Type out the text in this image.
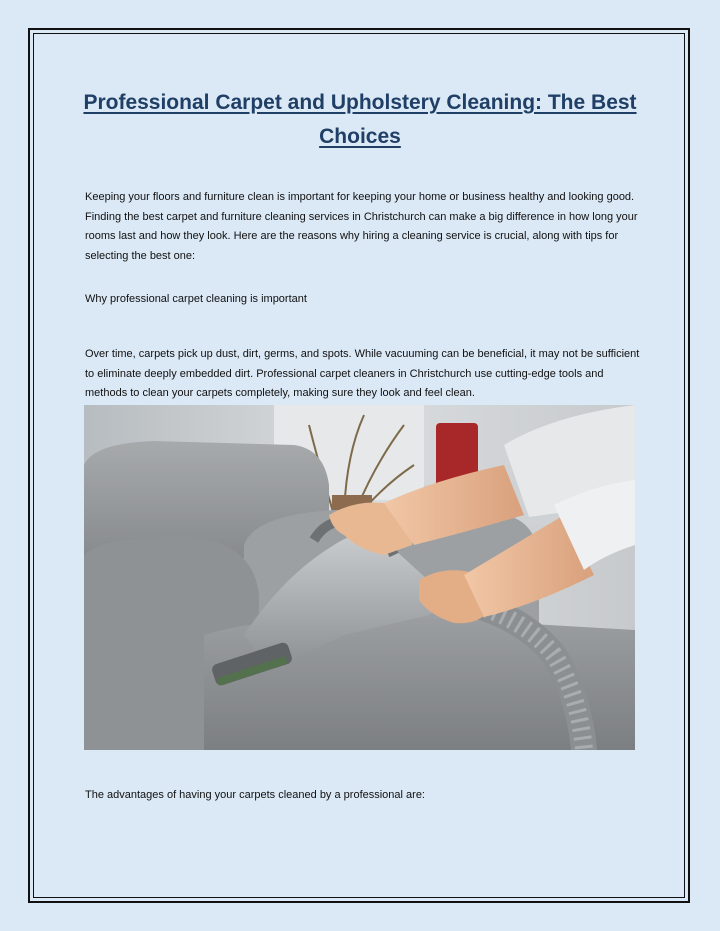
Professional Carpet and Upholstery Cleaning: The Best Choices

Keeping your floors and furniture clean is important for keeping your home or business healthy and looking good. Finding the best carpet and furniture cleaning services in Christchurch can make a big difference in how long your rooms last and how they look. Here are the reasons why hiring a cleaning service is crucial, along with tips for selecting the best one:

Why professional carpet cleaning is important

Over time, carpets pick up dust, dirt, germs, and spots. While vacuuming can be beneficial, it may not be sufficient to eliminate deeply embedded dirt. Professional carpet cleaners in Christchurch use cutting-edge tools and methods to clean your carpets completely, making sure they look and feel clean.

The advantages of having your carpets cleaned by a professional are:
